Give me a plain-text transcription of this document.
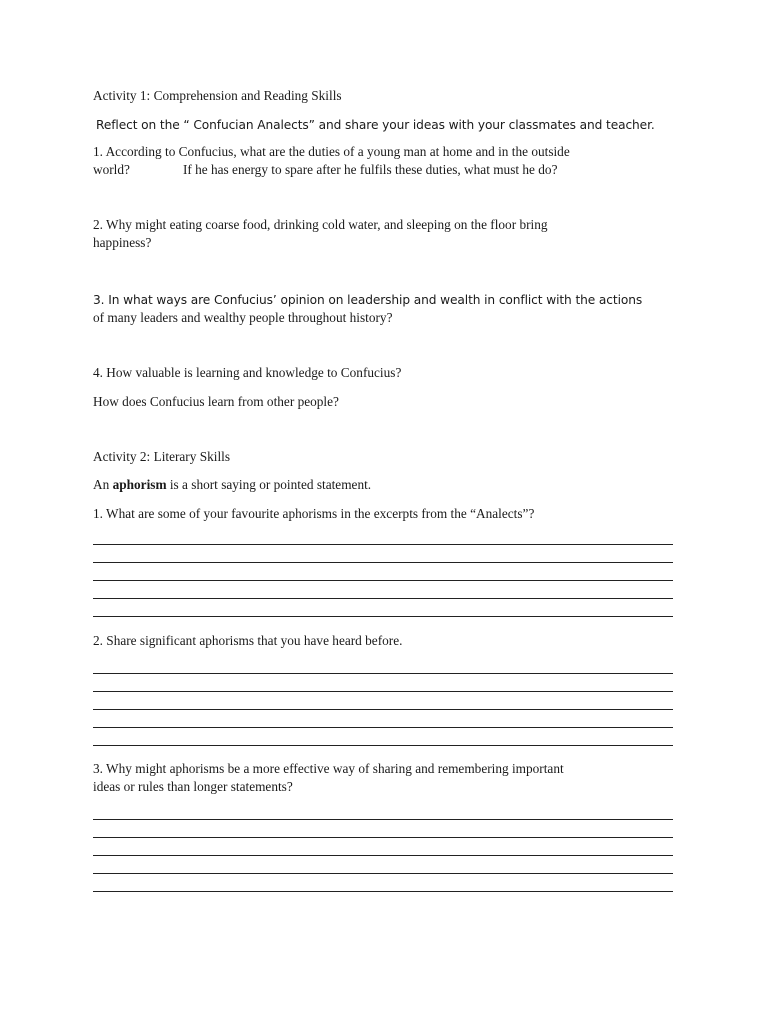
Activity 1: Comprehension and Reading Skills
Reflect on the “ Confucian Analects” and share your ideas with your classmates and teacher.
1. According to Confucius, what are the duties of a young man at home and in the outside
world?	If he has energy to spare after he fulfils these duties, what must he do?
2. Why might eating coarse food, drinking cold water, and sleeping on the floor bring
happiness?
3. In what ways are Confucius’ opinion on leadership and wealth in conflict with the actions
of many leaders and wealthy people throughout history?
4. How valuable is learning and knowledge to Confucius?
How does Confucius learn from other people?
Activity 2: Literary Skills
An aphorism is a short saying or pointed statement.
1. What are some of your favourite aphorisms in the excerpts from the “Analects”?
2. Share significant aphorisms that you have heard before.
3. Why might aphorisms be a more effective way of sharing and remembering important
ideas or rules than longer statements?
